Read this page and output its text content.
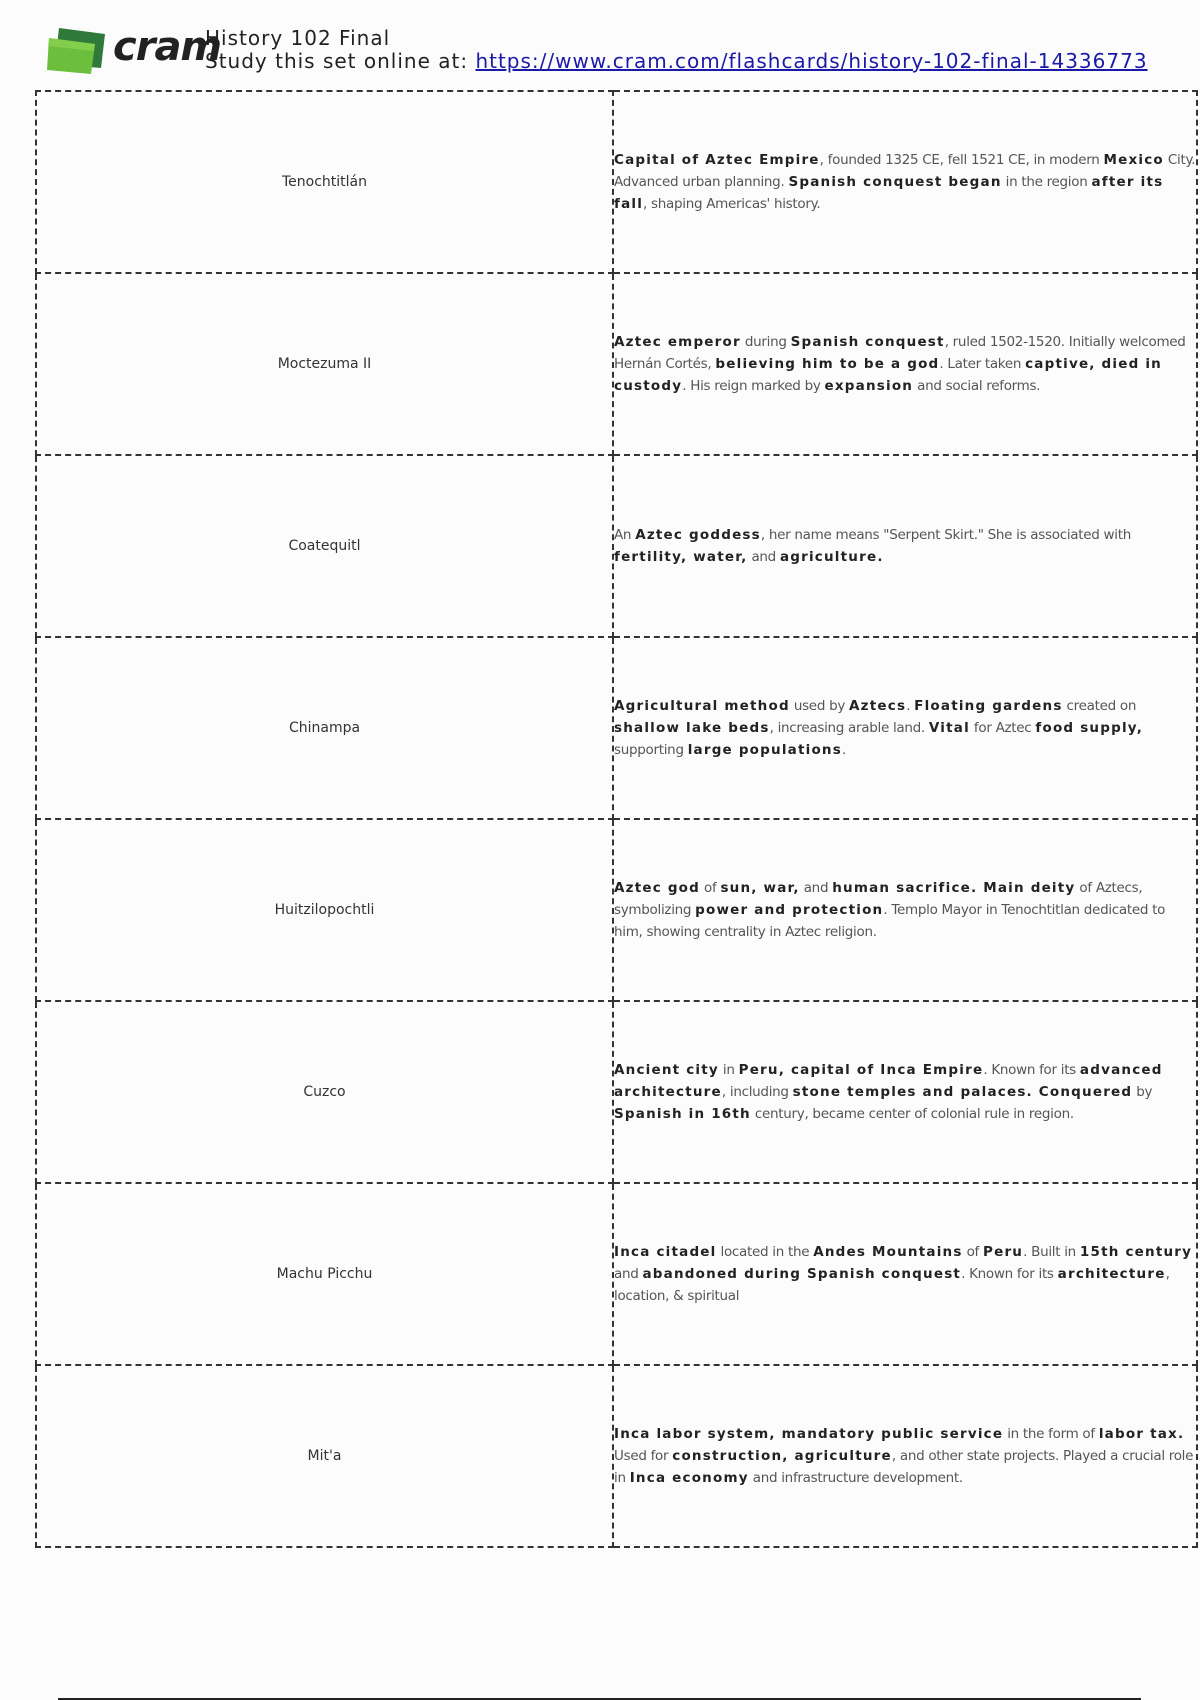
cram
History 102 Final
Study this set online at: https://www.cram.com/flashcards/history-102-final-14336773
Tenochtitlán	Capital of Aztec Empire, founded 1325 CE, fell 1521 CE, in modern Mexico City. Advanced urban planning. Spanish conquest began in the region after its fall, shaping Americas' history.
Moctezuma II	Aztec emperor during Spanish conquest, ruled 1502-1520. Initially welcomed Hernán Cortés, believing him to be a god. Later taken captive, died in custody. His reign marked by expansion and social reforms.
Coatequitl	An Aztec goddess, her name means "Serpent Skirt." She is associated with fertility, water, and agriculture.
Chinampa	Agricultural method used by Aztecs. Floating gardens created on shallow lake beds, increasing arable land. Vital for Aztec food supply, supporting large populations.
Huitzilopochtli	Aztec god of sun, war, and human sacrifice. Main deity of Aztecs, symbolizing power and protection. Templo Mayor in Tenochtitlan dedicated to him, showing centrality in Aztec religion.
Cuzco	Ancient city in Peru, capital of Inca Empire. Known for its advanced architecture, including stone temples and palaces. Conquered by Spanish in 16th century, became center of colonial rule in region.
Machu Picchu	Inca citadel located in the Andes Mountains of Peru. Built in 15th century and abandoned during Spanish conquest. Known for its architecture, location, & spiritual
Mit'a	Inca labor system, mandatory public service in the form of labor tax. Used for construction, agriculture, and other state projects. Played a crucial role in Inca economy and infrastructure development.
